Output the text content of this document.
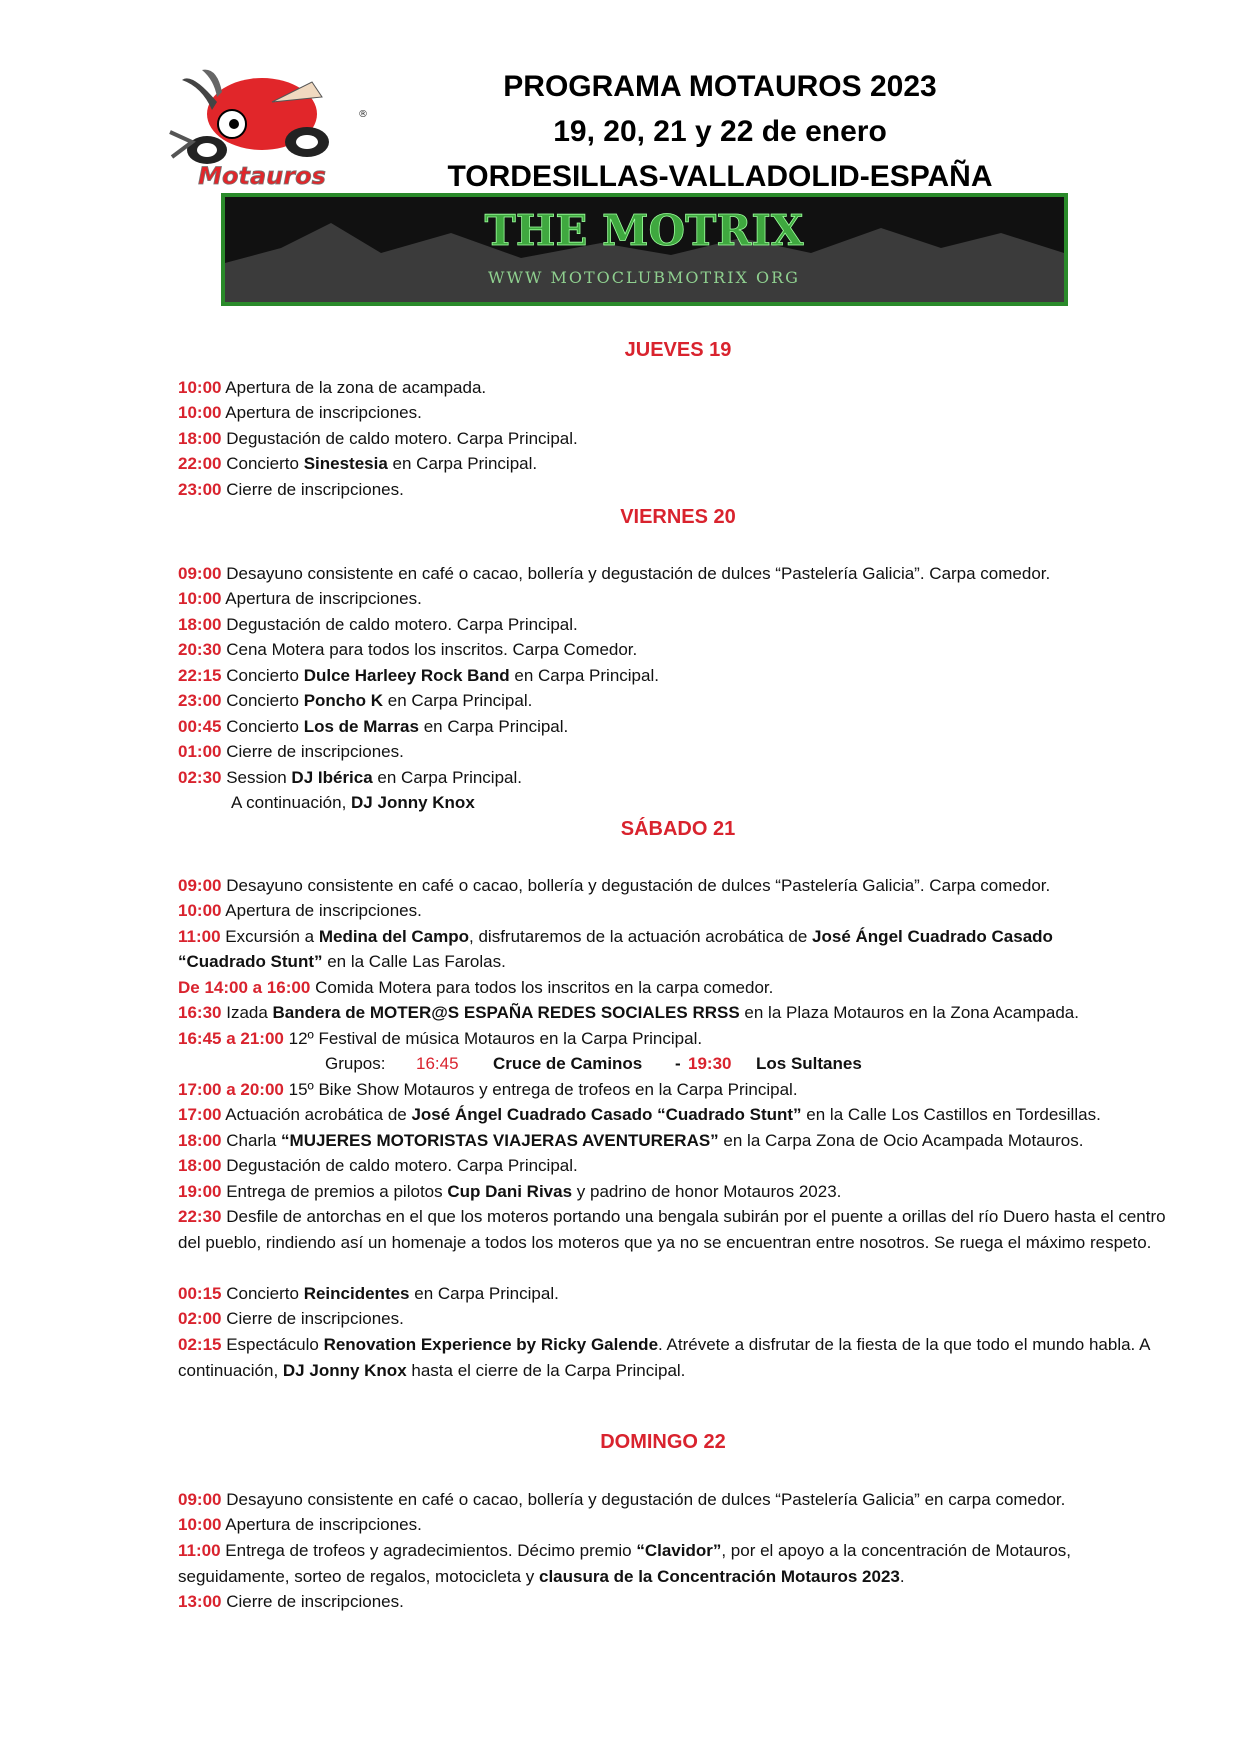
Motauros
®
PROGRAMA MOTAUROS 2023
19, 20, 21 y 22 de enero
TORDESILLAS-VALLADOLID-ESPAÑA
THE MOTRIX
WWW MOTOCLUBMOTRIX ORG
JUEVES 19
10:00 Apertura de la zona de acampada.
10:00 Apertura de inscripciones.
18:00 Degustación de caldo motero. Carpa Principal.
22:00 Concierto Sinestesia en Carpa Principal.
23:00 Cierre de inscripciones.
VIERNES 20
09:00 Desayuno consistente en café o cacao, bollería y degustación de dulces “Pastelería Galicia”. Carpa comedor.
10:00 Apertura de inscripciones.
18:00 Degustación de caldo motero. Carpa Principal.
20:30 Cena Motera para todos los inscritos. Carpa Comedor.
22:15 Concierto Dulce Harleey Rock Band en Carpa Principal.
23:00 Concierto Poncho K en Carpa Principal.
00:45 Concierto Los de Marras en Carpa Principal.
01:00 Cierre de inscripciones.
02:30 Session DJ Ibérica en Carpa Principal.
A continuación, DJ Jonny Knox
SÁBADO 21
09:00 Desayuno consistente en café o cacao, bollería y degustación de dulces “Pastelería Galicia”. Carpa comedor.
10:00 Apertura de inscripciones.
11:00 Excursión a Medina del Campo, disfrutaremos de la actuación acrobática de José Ángel Cuadrado Casado
“Cuadrado Stunt” en la Calle Las Farolas.
De 14:00 a 16:00 Comida Motera para todos los inscritos en la carpa comedor.
16:30 Izada Bandera de MOTER@S ESPAÑA REDES SOCIALES RRSS en la Plaza Motauros en la Zona Acampada.
16:45 a 21:00 12º Festival de música Motauros en la Carpa Principal.
Grupos: 16:45 Cruce de Caminos - 19:30 Los Sultanes
17:00 a 20:00 15º Bike Show Motauros y entrega de trofeos en la Carpa Principal.
17:00 Actuación acrobática de José Ángel Cuadrado Casado “Cuadrado Stunt” en la Calle Los Castillos en Tordesillas.
18:00 Charla “MUJERES MOTORISTAS VIAJERAS AVENTURERAS” en la Carpa Zona de Ocio Acampada Motauros.
18:00 Degustación de caldo motero. Carpa Principal.
19:00 Entrega de premios a pilotos Cup Dani Rivas y padrino de honor Motauros 2023.
22:30 Desfile de antorchas en el que los moteros portando una bengala subirán por el puente a orillas del río Duero hasta el centro del pueblo, rindiendo así un homenaje a todos los moteros que ya no se encuentran entre nosotros. Se ruega el máximo respeto.
00:15 Concierto Reincidentes en Carpa Principal.
02:00 Cierre de inscripciones.
02:15 Espectáculo Renovation Experience by Ricky Galende. Atrévete a disfrutar de la fiesta de la que todo el mundo habla. A continuación, DJ Jonny Knox hasta el cierre de la Carpa Principal.
DOMINGO 22
09:00 Desayuno consistente en café o cacao, bollería y degustación de dulces “Pastelería Galicia” en carpa comedor.
10:00 Apertura de inscripciones.
11:00 Entrega de trofeos y agradecimientos. Décimo premio “Clavidor”, por el apoyo a la concentración de Motauros, seguidamente, sorteo de regalos, motocicleta y clausura de la Concentración Motauros 2023.
13:00 Cierre de inscripciones.
